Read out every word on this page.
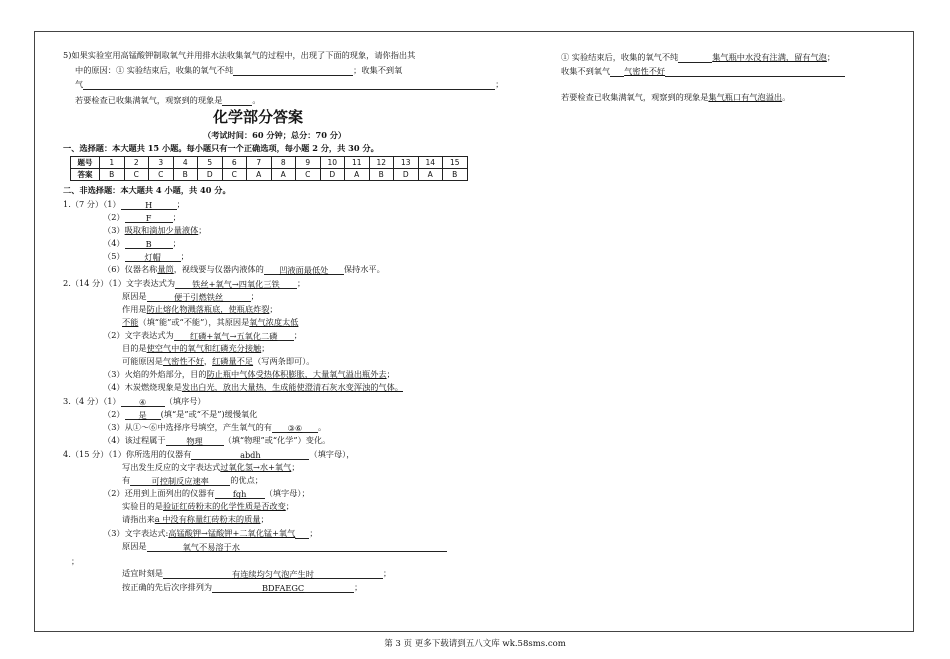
5)如果实验室用高锰酸钾制取氧气并用排水法收集氧气的过程中，出现了下面的现象，请你指出其
中的原因：① 实验结束后，收集的氧气不纯	；收集不到氧
气	；
若要检查已收集满氧气，观察到的现象是	。
① 实验结束后，收集的氧气不纯	集气瓶中水没有注满，留有气泡；
收集不到氧气 气密性不好
若要检查已收集满氧气，观察到的现象是集气瓶口有气泡溢出。
化学部分答案
（考试时间：60 分钟；总分：70 分）
一、选择题：本大题共 15 小题。每小题只有一个正确选项，每小题 2 分，共 30 分。
题号	1	2	3	4	5	6	7	8	9	10	11	12	13	14	15
答案	B	C	C	B	D	C	A	A	C	D	A	B	D	A	B
二、非选择题：本大题共 4 小题，共 40 分。
1.（7 分）（1）	H	；
（2）	F	；
（3）吸取和滴加少量液体；
（4）	B	；
（5） 灯帽 ；
（6）仪器名称量筒，视线要与仪器内液体的 凹液面最低处 保持水平。
2.（14 分）（1）文字表达式为 铁丝+氧气→四氧化三铁 ；
原因是	便于引燃铁丝	；
作用是防止熔化物溅落瓶底，使瓶底炸裂；
不能（填“能”或“不能”），其原因是氧气浓度太低
（2）文字表达式为 红磷+氧气→五氧化二磷 ；
目的是使空气中的氧气和红磷充分接触；
可能原因是气密性不好，红磷量不足（写两条即可）。
（3）火焰的外焰部分，目的防止瓶中气体受热体积膨胀，大量氧气溢出瓶外去；
（4）木炭燃烧现象是发出白光，放出大量热，生成能使澄清石灰水变浑浊的气体。
3.（4 分）（1） ④ （填序号）
（2） 是 (填“是”或“不是”)缓慢氧化
（3）从①～⑥中选择序号填空，产生氧气的有 ③⑥ 。
（4）该过程属于	物理	（填“物理”或“化学”）变化。
4.（15 分）（1）你所选用的仪器有	abdh	（填字母），
写出发生反应的文字表达式过氧化氢→水+氧气；
有	可控制反应速率	的优点；
（2）还用到上面列出的仪器有 fgh （填字母）；
实验目的是验证红砖粉末的化学性质是否改变；
请指出来a 中没有称量红砖粉末的质量；
（3）文字表达式:高锰酸钾→锰酸钾+二氧化锰+氧气 ；
原因是	氧气不易溶于水
；
适宜时刻是	有连续均匀气泡产生时	；
按正确的先后次序排列为	BDFAEGC	；
第 3 页 更多下载请到五八文库 wk.58sms.com
